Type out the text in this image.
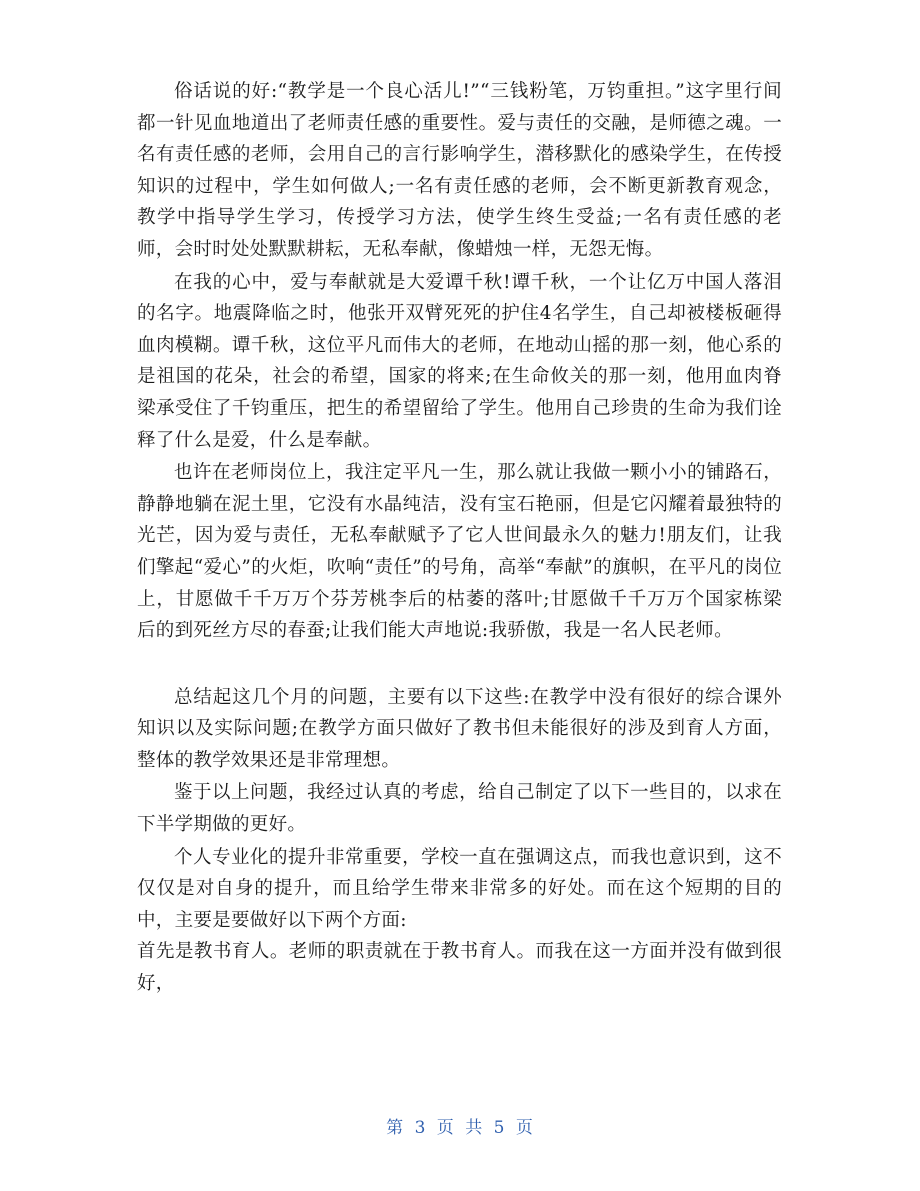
俗话说的好:“教学是一个良心活儿!”“三钱粉笔，万钧重担。”这字里行间都一针见血地道出了老师责任感的重要性。爱与责任的交融，是师德之魂。一名有责任感的老师，会用自己的言行影响学生，潜移默化的感染学生，在传授知识的过程中，学生如何做人;一名有责任感的老师，会不断更新教育观念，教学中指导学生学习，传授学习方法，使学生终生受益;一名有责任感的老师，会时时处处默默耕耘，无私奉献，像蜡烛一样，无怨无悔。

在我的心中，爱与奉献就是大爱谭千秋!谭千秋，一个让亿万中国人落泪的名字。地震降临之时，他张开双臂死死的护住4名学生，自己却被楼板砸得血肉模糊。谭千秋，这位平凡而伟大的老师，在地动山摇的那一刻，他心系的是祖国的花朵，社会的希望，国家的将来;在生命攸关的那一刻，他用血肉脊梁承受住了千钧重压，把生的希望留给了学生。他用自己珍贵的生命为我们诠释了什么是爱，什么是奉献。

也许在老师岗位上，我注定平凡一生，那么就让我做一颗小小的铺路石，静静地躺在泥土里，它没有水晶纯洁，没有宝石艳丽，但是它闪耀着最独特的光芒，因为爱与责任，无私奉献赋予了它人世间最永久的魅力!朋友们，让我们擎起“爱心”的火炬，吹响“责任”的号角，高举“奉献”的旗帜，在平凡的岗位上，甘愿做千千万万个芬芳桃李后的枯萎的落叶;甘愿做千千万万个国家栋梁后的到死丝方尽的春蚕;让我们能大声地说:我骄傲，我是一名人民老师。

总结起这几个月的问题，主要有以下这些:在教学中没有很好的综合课外知识以及实际问题;在教学方面只做好了教书但未能很好的涉及到育人方面，整体的教学效果还是非常理想。

鉴于以上问题，我经过认真的考虑，给自己制定了以下一些目的，以求在下半学期做的更好。

个人专业化的提升非常重要，学校一直在强调这点，而我也意识到，这不仅仅是对自身的提升，而且给学生带来非常多的好处。而在这个短期的目的中，主要是要做好以下两个方面:

首先是教书育人。老师的职责就在于教书育人。而我在这一方面并没有做到很好，

第 3 页 共 5 页
